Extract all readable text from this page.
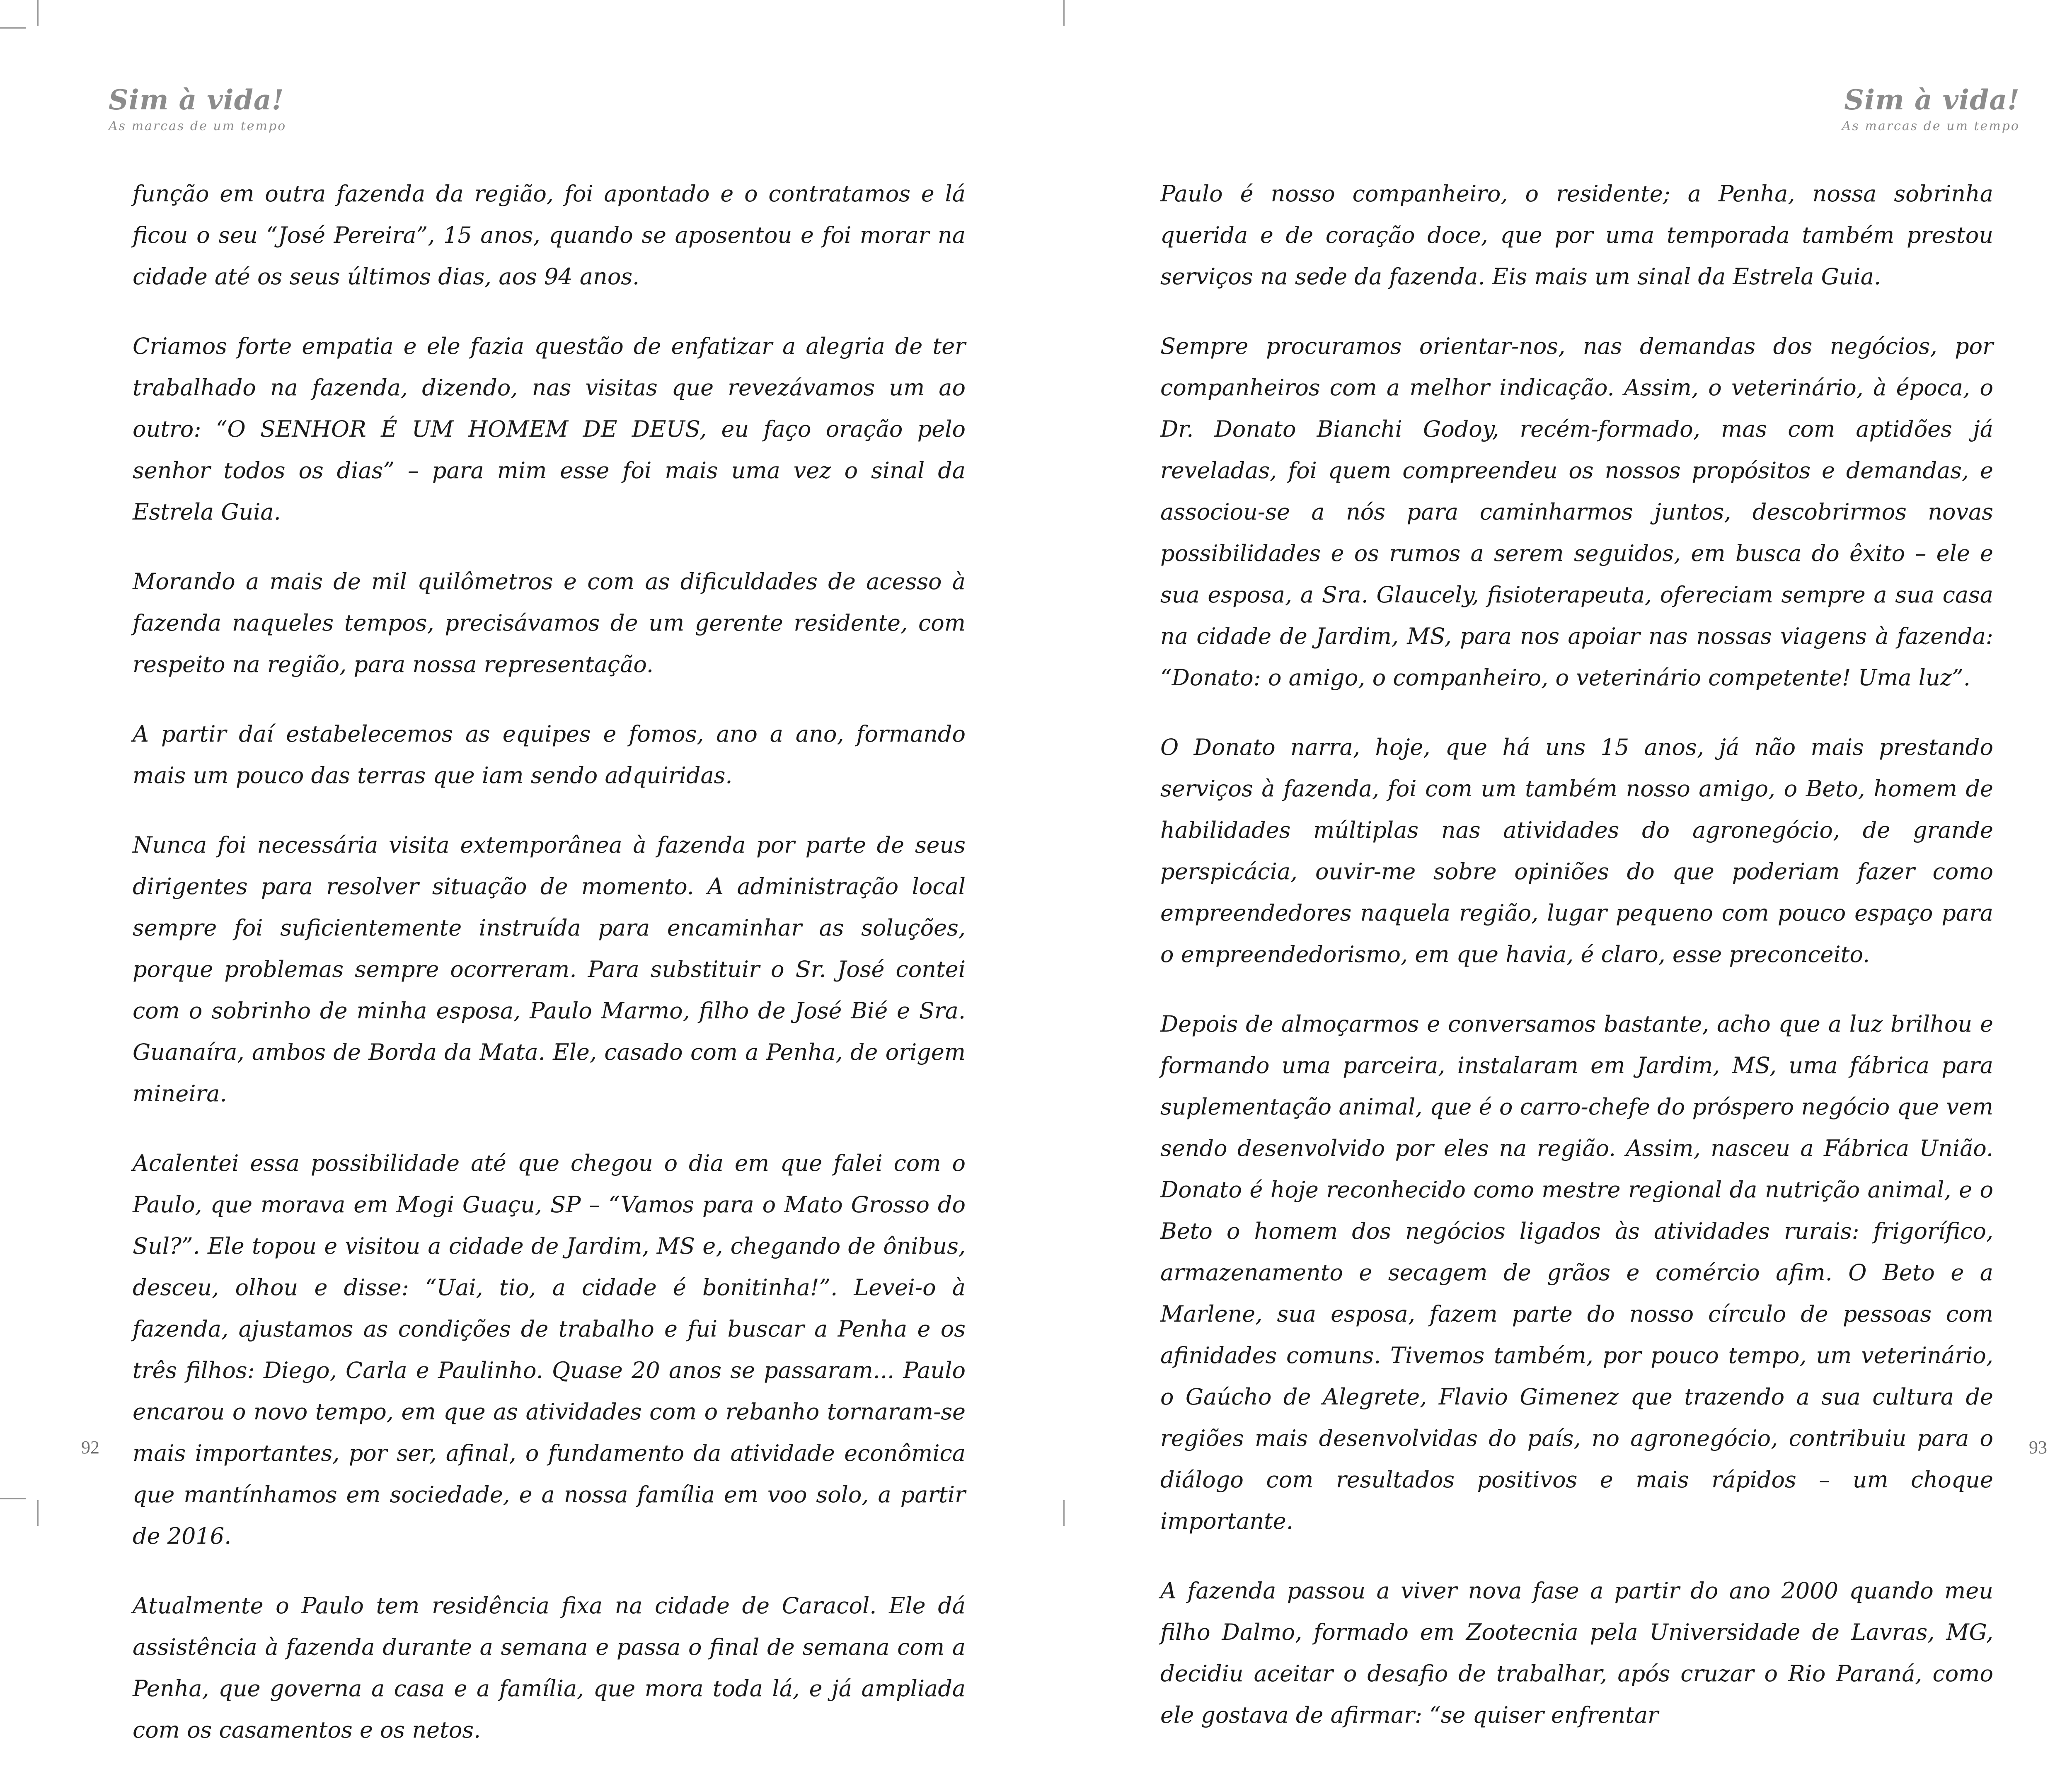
Sim à vida!
As marcas de um tempo

função em outra fazenda da região, foi apontado e o contratamos e lá ficou o seu “José Pereira”, 15 anos, quando se aposentou e foi morar na cidade até os seus últimos dias, aos 94 anos.

Criamos forte empatia e ele fazia questão de enfatizar a alegria de ter trabalhado na fazenda, dizendo, nas visitas que revezávamos um ao outro: “O SENHOR É UM HOMEM DE DEUS, eu faço oração pelo senhor todos os dias” – para mim esse foi mais uma vez o sinal da Estrela Guia.

Morando a mais de mil quilômetros e com as dificuldades de acesso à fazenda naqueles tempos, precisávamos de um gerente residente, com respeito na região, para nossa representação.

A partir daí estabelecemos as equipes e fomos, ano a ano, formando mais um pouco das terras que iam sendo adquiridas.

Nunca foi necessária visita extemporânea à fazenda por parte de seus dirigentes para resolver situação de momento. A administração local sempre foi suficientemente instruída para encaminhar as soluções, porque problemas sempre ocorreram. Para substituir o Sr. José contei com o sobrinho de minha esposa, Paulo Marmo, filho de José Bié e Sra. Guanaíra, ambos de Borda da Mata. Ele, casado com a Penha, de origem mineira.

Acalentei essa possibilidade até que chegou o dia em que falei com o Paulo, que morava em Mogi Guaçu, SP – “Vamos para o Mato Grosso do Sul?”. Ele topou e visitou a cidade de Jardim, MS e, chegando de ônibus, desceu, olhou e disse: “Uai, tio, a cidade é bonitinha!”. Levei-o à fazenda, ajustamos as condições de trabalho e fui buscar a Penha e os três filhos: Diego, Carla e Paulinho. Quase 20 anos se passaram... Paulo encarou o novo tempo, em que as atividades com o rebanho tornaram-se mais importantes, por ser, afinal, o fundamento da atividade econômica que mantínhamos em sociedade, e a nossa família em voo solo, a partir de 2016.

Atualmente o Paulo tem residência fixa na cidade de Caracol. Ele dá assistência à fazenda durante a semana e passa o final de semana com a Penha, que governa a casa e a família, que mora toda lá, e já ampliada com os casamentos e os netos.

92
Sim à vida!
As marcas de um tempo

Paulo é nosso companheiro, o residente; a Penha, nossa sobrinha querida e de coração doce, que por uma temporada também prestou serviços na sede da fazenda. Eis mais um sinal da Estrela Guia.

Sempre procuramos orientar-nos, nas demandas dos negócios, por companheiros com a melhor indicação. Assim, o veterinário, à época, o Dr. Donato Bianchi Godoy, recém-formado, mas com aptidões já reveladas, foi quem compreendeu os nossos propósitos e demandas, e associou-se a nós para caminharmos juntos, descobrirmos novas possibilidades e os rumos a serem seguidos, em busca do êxito – ele e sua esposa, a Sra. Glaucely, fisioterapeuta, ofereciam sempre a sua casa na cidade de Jardim, MS, para nos apoiar nas nossas viagens à fazenda: “Donato: o amigo, o companheiro, o veterinário competente! Uma luz”.

O Donato narra, hoje, que há uns 15 anos, já não mais prestando serviços à fazenda, foi com um também nosso amigo, o Beto, homem de habilidades múltiplas nas atividades do agronegócio, de grande perspicácia, ouvir-me sobre opiniões do que poderiam fazer como empreendedores naquela região, lugar pequeno com pouco espaço para o empreendedorismo, em que havia, é claro, esse preconceito.

Depois de almoçarmos e conversamos bastante, acho que a luz brilhou e formando uma parceira, instalaram em Jardim, MS, uma fábrica para suplementação animal, que é o carro-chefe do próspero negócio que vem sendo desenvolvido por eles na região. Assim, nasceu a Fábrica União. Donato é hoje reconhecido como mestre regional da nutrição animal, e o Beto o homem dos negócios ligados às atividades rurais: frigorífico, armazenamento e secagem de grãos e comércio afim. O Beto e a Marlene, sua esposa, fazem parte do nosso círculo de pessoas com afinidades comuns. Tivemos também, por pouco tempo, um veterinário, o Gaúcho de Alegrete, Flavio Gimenez que trazendo a sua cultura de regiões mais desenvolvidas do país, no agronegócio, contribuiu para o diálogo com resultados positivos e mais rápidos – um choque importante.

A fazenda passou a viver nova fase a partir do ano 2000 quando meu filho Dalmo, formado em Zootecnia pela Universidade de Lavras, MG, decidiu aceitar o desafio de trabalhar, após cruzar o Rio Paraná, como ele gostava de afirmar: “se quiser enfrentar

93
